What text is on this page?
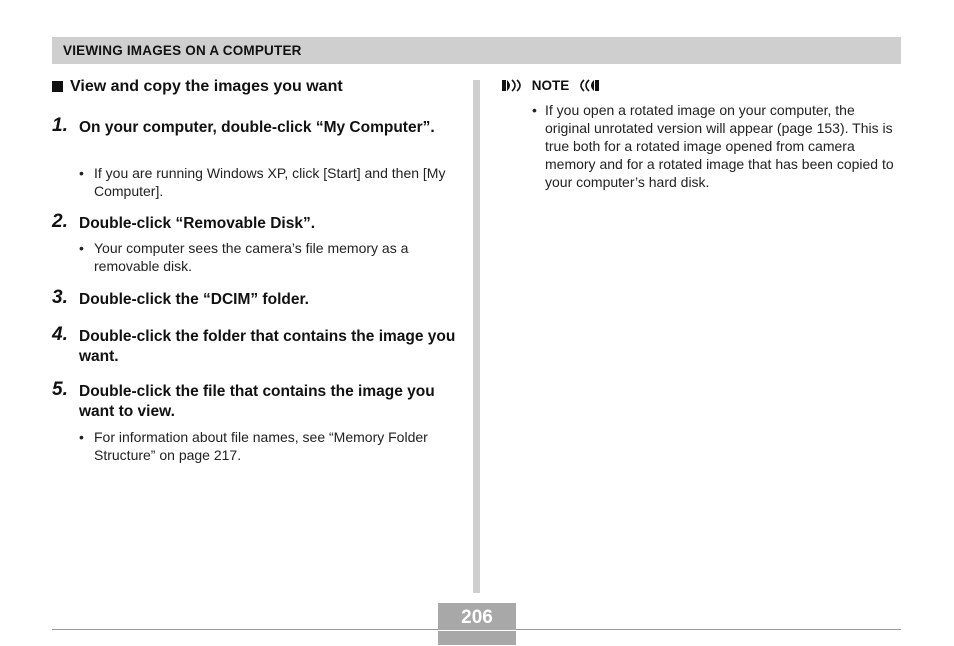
VIEWING IMAGES ON A COMPUTER
View and copy the images you want
1. On your computer, double-click “My Computer”.
• If you are running Windows XP, click [Start] and then [My Computer].
2. Double-click “Removable Disk”.
• Your computer sees the camera’s file memory as a removable disk.
3. Double-click the “DCIM” folder.
4. Double-click the folder that contains the image you want.
5. Double-click the file that contains the image you want to view.
• For information about file names, see “Memory Folder Structure” on page 217.
NOTE
• If you open a rotated image on your computer, the original unrotated version will appear (page 153). This is true both for a rotated image opened from camera memory and for a rotated image that has been copied to your computer’s hard disk.
206
